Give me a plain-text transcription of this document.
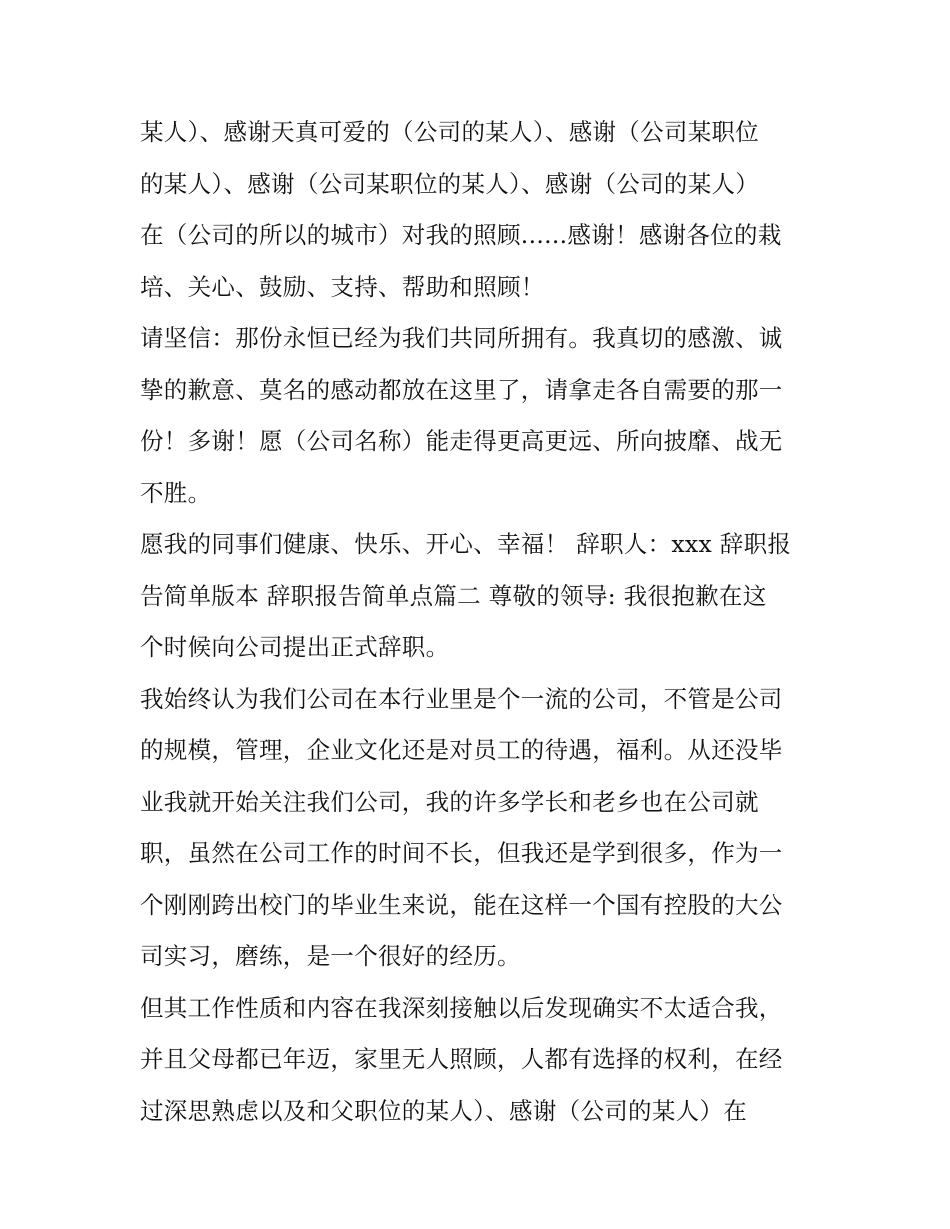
某人）、感谢天真可爱的（公司的某人）、感谢（公司某职位
的某人）、感谢（公司某职位的某人）、感谢（公司的某人）
在（公司的所以的城市）对我的照顾......感谢！感谢各位的栽
培、关心、鼓励、支持、帮助和照顾！
请坚信：那份永恒已经为我们共同所拥有。我真切的感激、诚
挚的歉意、莫名的感动都放在这里了，请拿走各自需要的那一
份！多谢！愿（公司名称）能走得更高更远、所向披靡、战无
不胜。
愿我的同事们健康、快乐、开心、幸福！ 辞职人：xxx 辞职报
告简单版本 辞职报告简单点篇二 尊敬的领导: 我很抱歉在这
个时候向公司提出正式辞职。
我始终认为我们公司在本行业里是个一流的公司，不管是公司
的规模，管理，企业文化还是对员工的待遇，福利。从还没毕
业我就开始关注我们公司，我的许多学长和老乡也在公司就
职，虽然在公司工作的时间不长，但我还是学到很多，作为一
个刚刚跨出校门的毕业生来说，能在这样一个国有控股的大公
司实习，磨练，是一个很好的经历。
但其工作性质和内容在我深刻接触以后发现确实不太适合我，
并且父母都已年迈，家里无人照顾，人都有选择的权利，在经
过深思熟虑以及和父职位的某人）、感谢（公司的某人）在
